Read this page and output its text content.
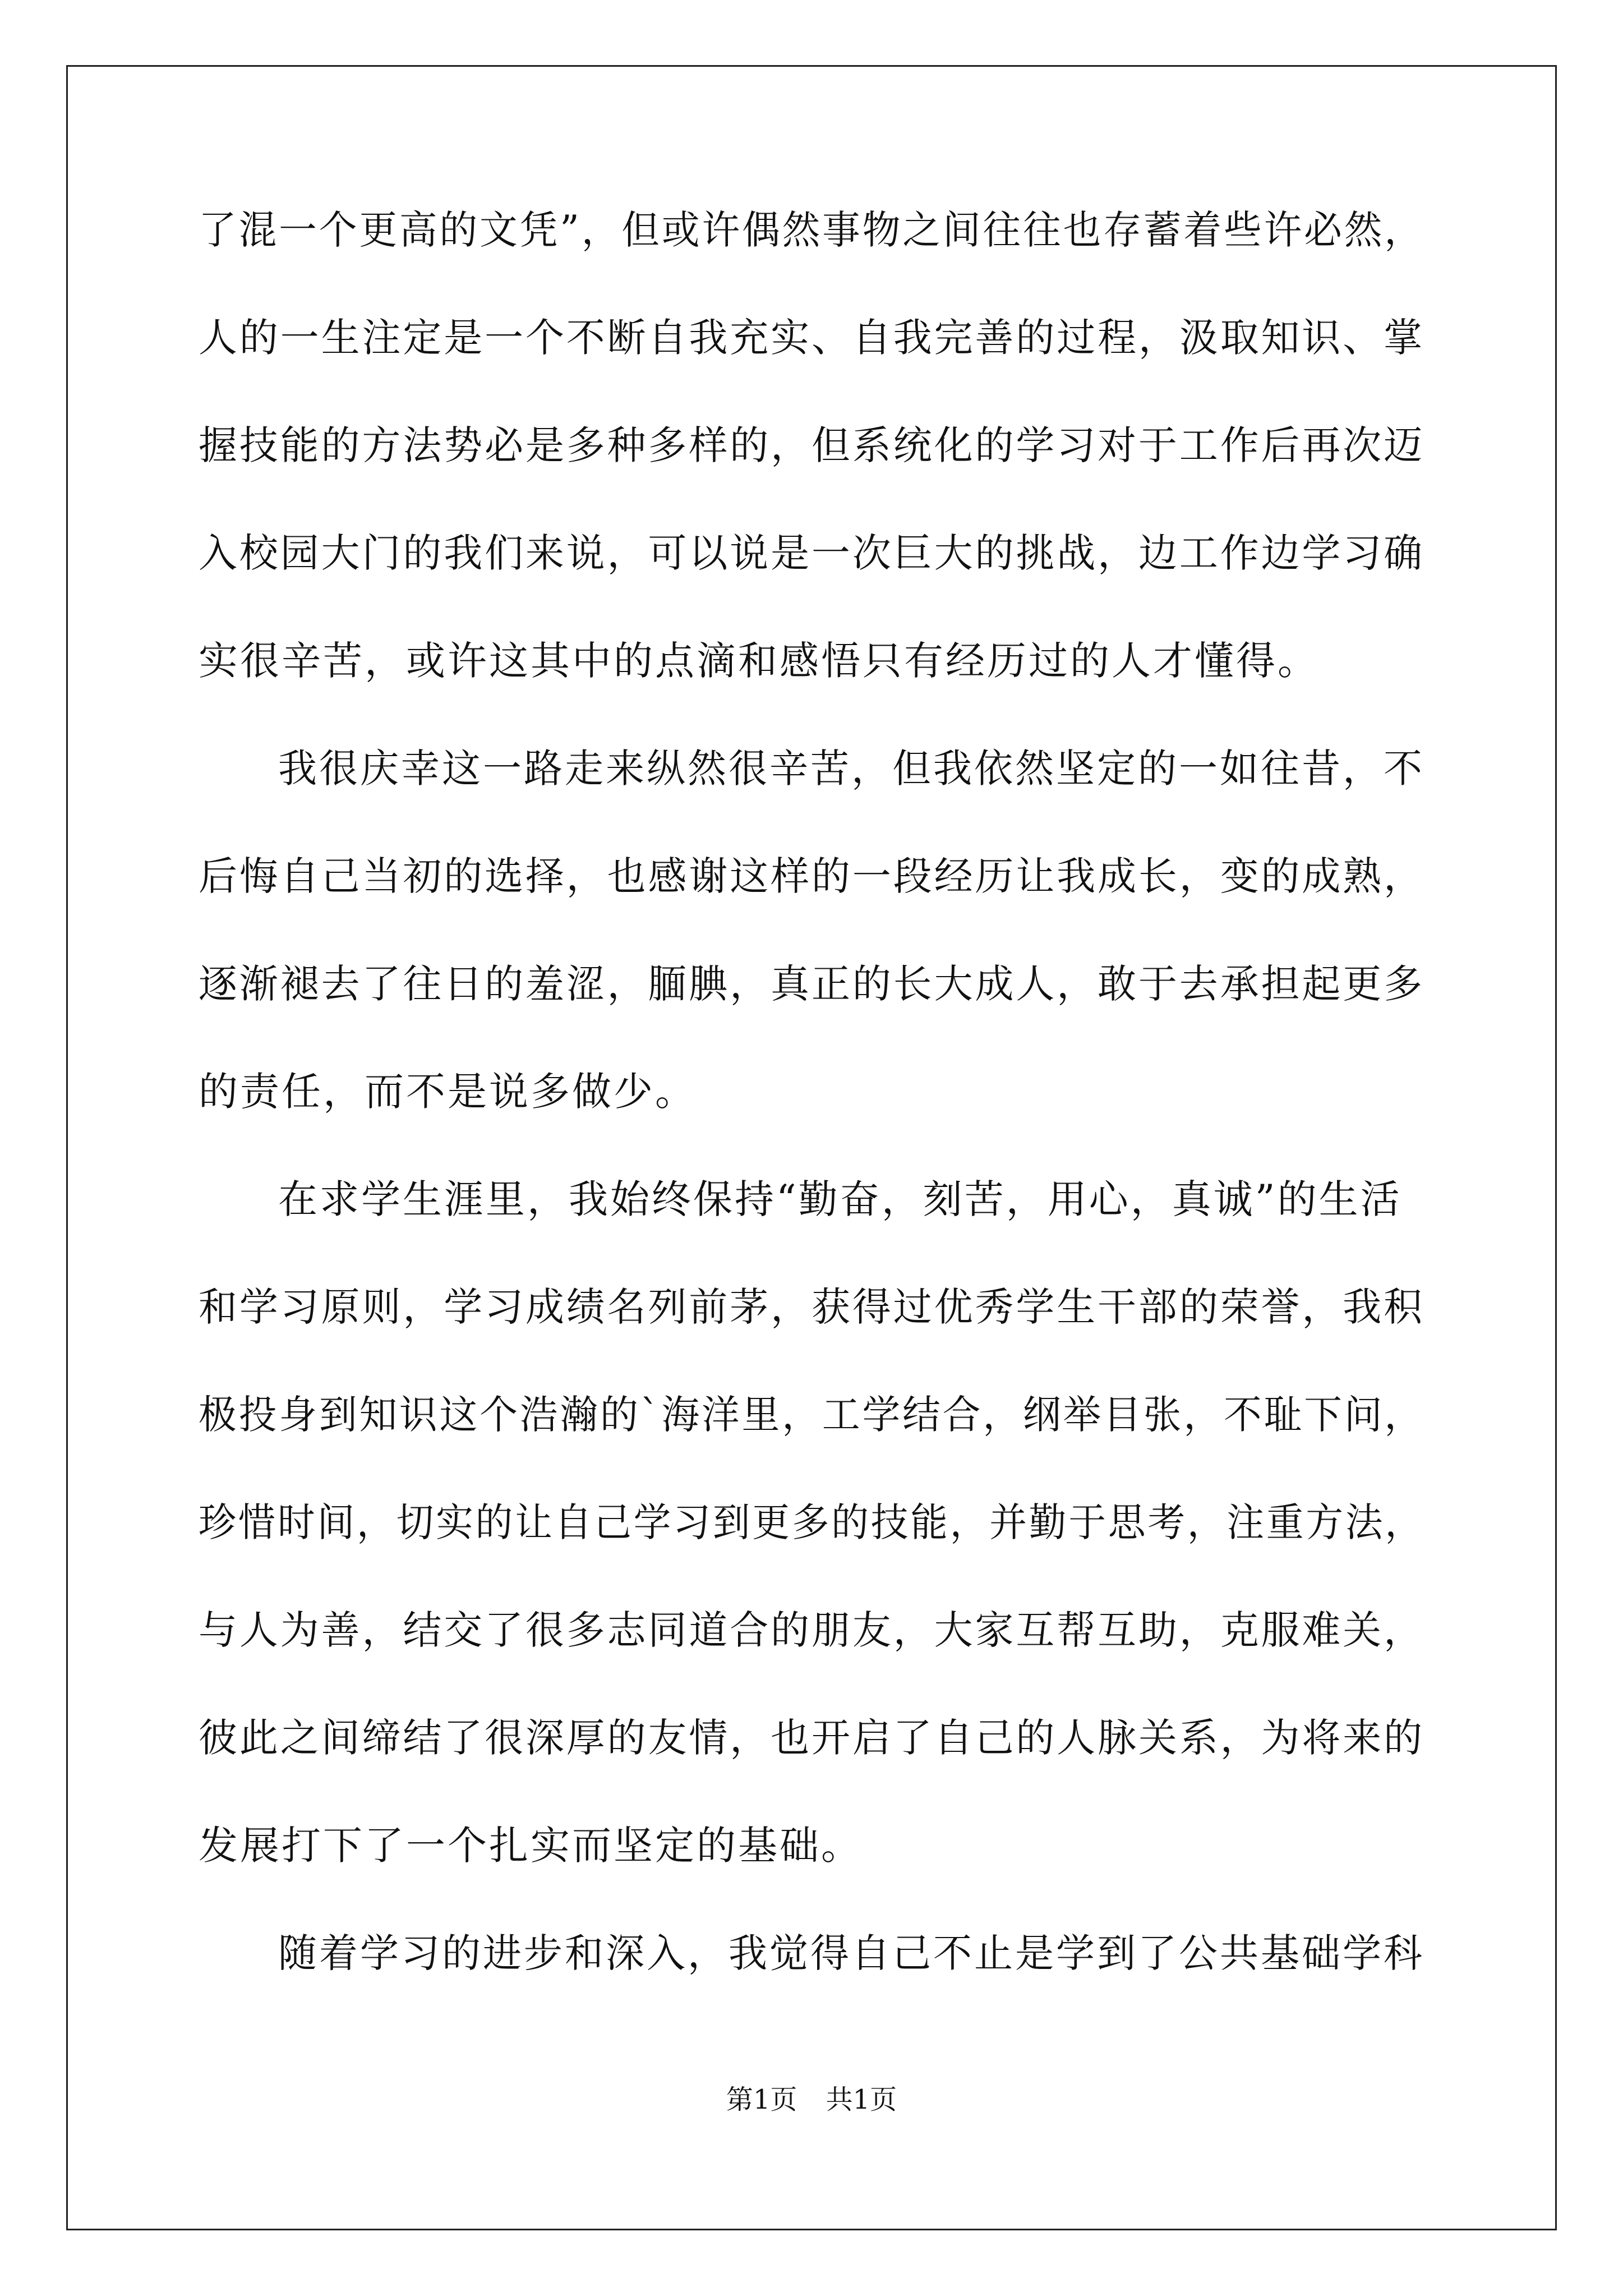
了混一个更高的文凭”，但或许偶然事物之间往往也存蓄着些许必然，
人的一生注定是一个不断自我充实、自我完善的过程，汲取知识、掌
握技能的方法势必是多种多样的，但系统化的学习对于工作后再次迈
入校园大门的我们来说，可以说是一次巨大的挑战，边工作边学习确
实很辛苦，或许这其中的点滴和感悟只有经历过的人才懂得。
我很庆幸这一路走来纵然很辛苦，但我依然坚定的一如往昔，不
后悔自己当初的选择，也感谢这样的一段经历让我成长，变的成熟，
逐渐褪去了往日的羞涩，腼腆，真正的长大成人，敢于去承担起更多
的责任，而不是说多做少。
在求学生涯里，我始终保持“勤奋，刻苦，用心，真诚”的生活
和学习原则，学习成绩名列前茅，获得过优秀学生干部的荣誉，我积
极投身到知识这个浩瀚的`海洋里，工学结合，纲举目张，不耻下问，
珍惜时间，切实的让自己学习到更多的技能，并勤于思考，注重方法，
与人为善，结交了很多志同道合的朋友，大家互帮互助，克服难关，
彼此之间缔结了很深厚的友情，也开启了自己的人脉关系，为将来的
发展打下了一个扎实而坚定的基础。
随着学习的进步和深入，我觉得自己不止是学到了公共基础学科
第1页 共1页
